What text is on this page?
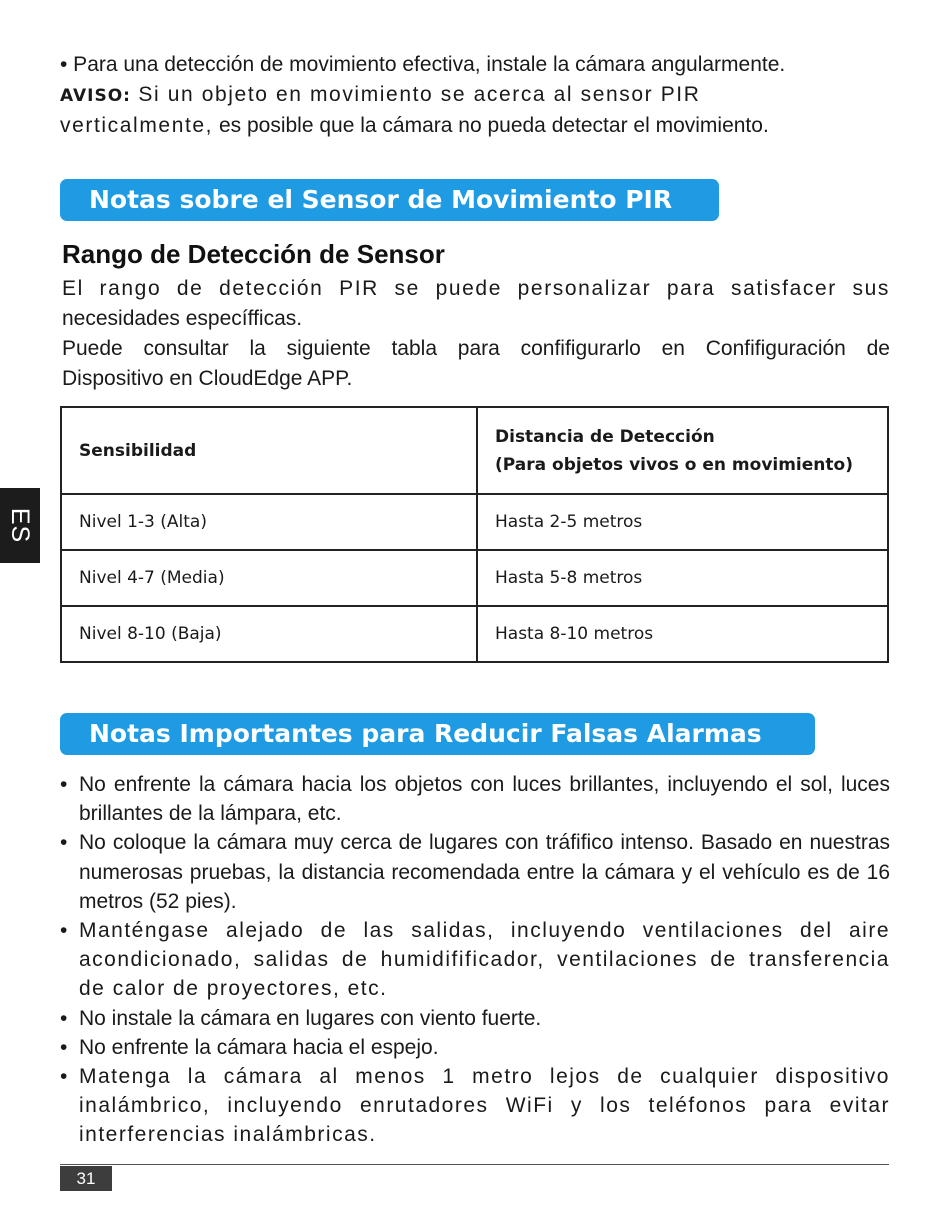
• Para una detección de movimiento efectiva, instale la cámara angularmente.
AVISO: Si un objeto en movimiento se acerca al sensor PIR
verticalmente, es posible que la cámara no pueda detectar el movimiento.
Notas sobre el Sensor de Movimiento PIR
Rango de Detección de Sensor
El rango de detección PIR se puede personalizar para satisfacer sus
necesidades específficas.
Puede consultar la siguiente tabla para confifigurarlo en Confifiguración de
Dispositivo en CloudEdge APP.
Sensibilidad	Distancia de Detección
(Para objetos vivos o en movimiento)

Nivel 1-3 (Alta)	Hasta 2-5 metros
Nivel 4-7 (Media)	Hasta 5-8 metros
Nivel 8-10 (Baja)	Hasta 8-10 metros
Notas Importantes para Reducir Falsas Alarmas
• No enfrente la cámara hacia los objetos con luces brillantes, incluyendo el sol, luces brillantes de la lámpara, etc.
• No coloque la cámara muy cerca de lugares con tráfifico intenso. Basado en nuestras numerosas pruebas, la distancia recomendada entre la cámara y el vehículo es de 16 metros (52 pies).
• Manténgase alejado de las salidas, incluyendo ventilaciones del aire acondicionado, salidas de humidifificador, ventilaciones de transferencia de calor de proyectores, etc.
• No instale la cámara en lugares con viento fuerte.
• No enfrente la cámara hacia el espejo.
• Matenga la cámara al menos 1 metro lejos de cualquier dispositivo inalámbrico, incluyendo enrutadores WiFi y los teléfonos para evitar interferencias inalámbricas.
31
ES
